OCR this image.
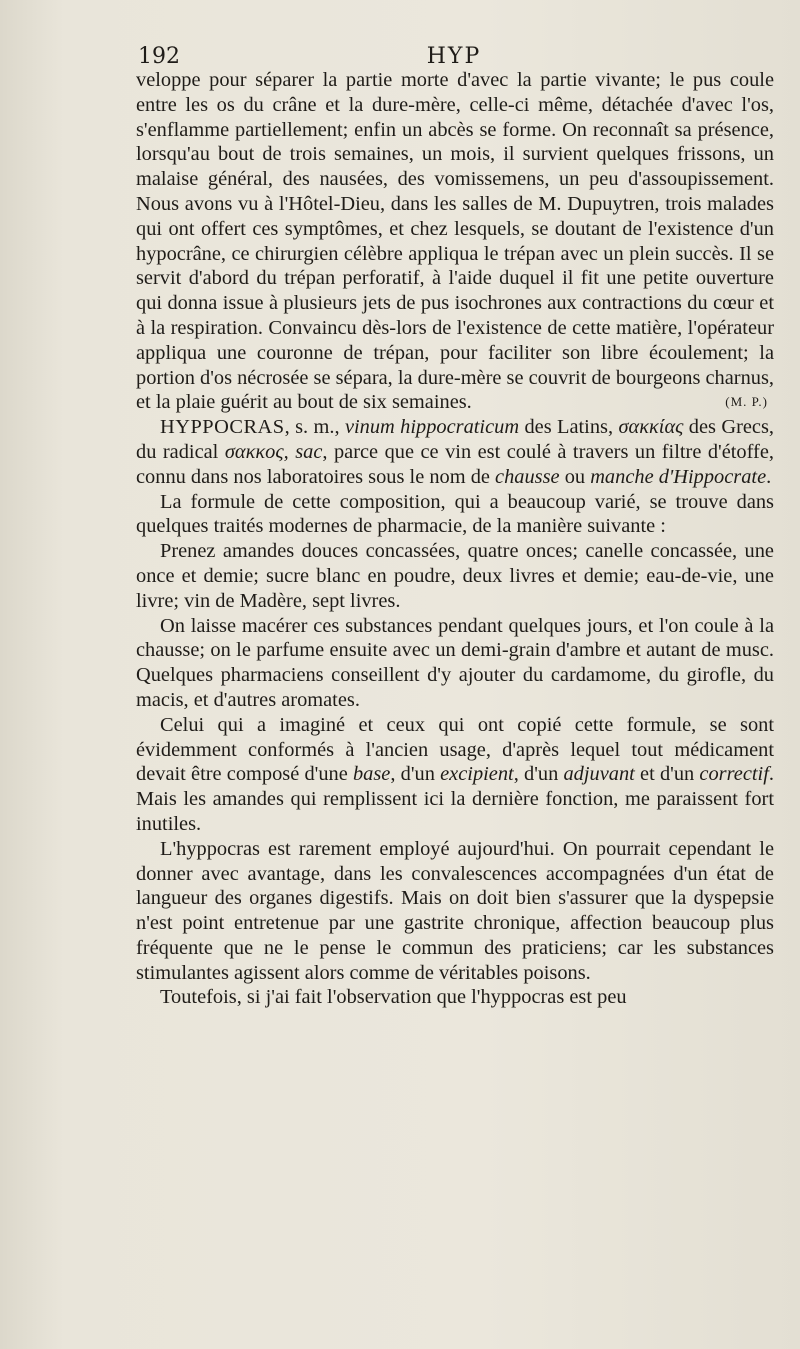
192	HYP

veloppe pour séparer la partie morte d'avec la partie vivante; le pus coule entre les os du crâne et la dure-mère, celle-ci même, détachée d'avec l'os, s'enflamme partiellement; enfin un abcès se forme. On reconnaît sa présence, lorsqu'au bout de trois semaines, un mois, il survient quelques frissons, un malaise général, des nausées, des vomissemens, un peu d'assoupissement. Nous avons vu à l'Hôtel-Dieu, dans les salles de M. Dupuytren, trois malades qui ont offert ces symptômes, et chez lesquels, se doutant de l'existence d'un hypocrâne, ce chirurgien célèbre appliqua le trépan avec un plein succès. Il se servit d'abord du trépan perforatif, à l'aide duquel il fit une petite ouverture qui donna issue à plusieurs jets de pus isochrones aux contractions du cœur et à la respiration. Convaincu dès-lors de l'existence de cette matière, l'opérateur appliqua une couronne de trépan, pour faciliter son libre écoulement; la portion d'os nécrosée se sépara, la dure-mère se couvrit de bourgeons charnus, et la plaie guérit au bout de six semaines.	(M. P.)

HYPPOCRAS, s. m., vinum hippocraticum des Latins, σακκίας des Grecs, du radical σακκος, sac, parce que ce vin est coulé à travers un filtre d'étoffe, connu dans nos laboratoires sous le nom de chausse ou manche d'Hippocrate.

La formule de cette composition, qui a beaucoup varié, se trouve dans quelques traités modernes de pharmacie, de la manière suivante :

Prenez amandes douces concassées, quatre onces; canelle concassée, une once et demie; sucre blanc en poudre, deux livres et demie; eau-de-vie, une livre; vin de Madère, sept livres.

On laisse macérer ces substances pendant quelques jours, et l'on coule à la chausse; on le parfume ensuite avec un demi-grain d'ambre et autant de musc. Quelques pharmaciens conseillent d'y ajouter du cardamome, du girofle, du macis, et d'autres aromates.

Celui qui a imaginé et ceux qui ont copié cette formule, se sont évidemment conformés à l'ancien usage, d'après lequel tout médicament devait être composé d'une base, d'un excipient, d'un adjuvant et d'un correctif. Mais les amandes qui remplissent ici la dernière fonction, me paraissent fort inutiles.

L'hyppocras est rarement employé aujourd'hui. On pourrait cependant le donner avec avantage, dans les convalescences accompagnées d'un état de langueur des organes digestifs. Mais on doit bien s'assurer que la dyspepsie n'est point entretenue par une gastrite chronique, affection beaucoup plus fréquente que ne le pense le commun des praticiens; car les substances stimulantes agissent alors comme de véritables poisons.

Toutefois, si j'ai fait l'observation que l'hyppocras est peu
